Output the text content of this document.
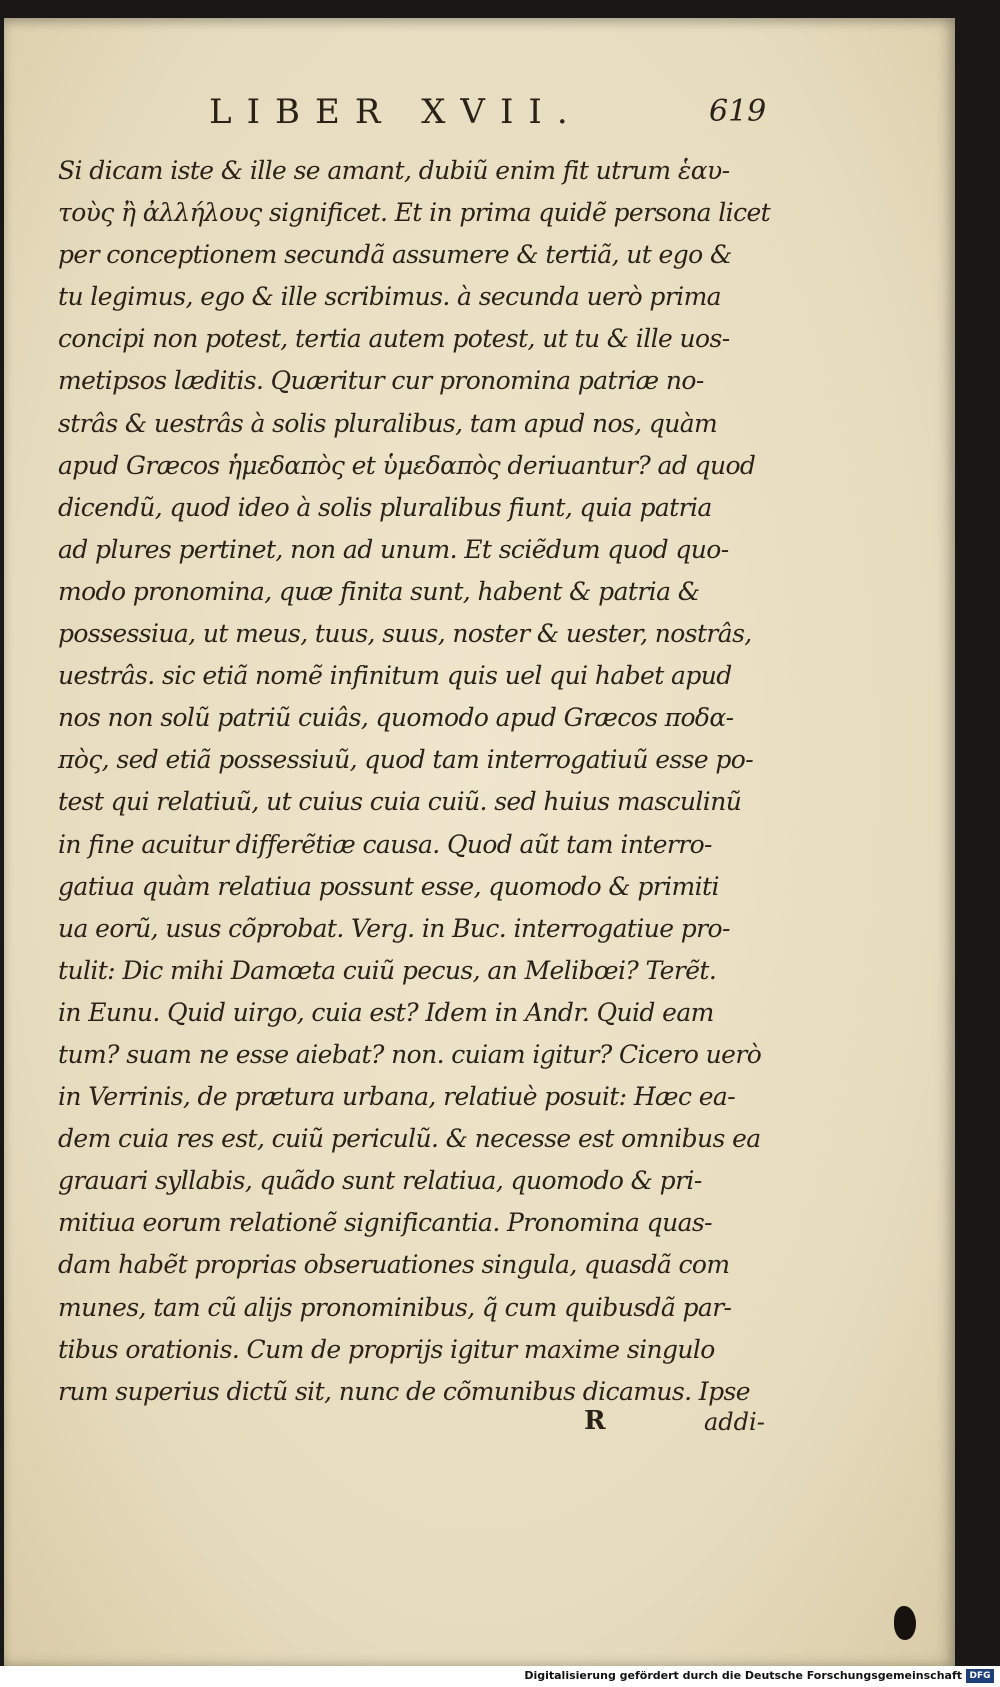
LIBER XVII.	619
Si dicam iste & ille se amant, dubiũ enim fit utrum ἑαυ-
τοὺς ἢ ἀλλήλους significet. Et in prima quidẽ persona licet
per conceptionem secundã assumere & tertiã, ut ego &
tu legimus, ego & ille scribimus. à secunda uerò prima
concipi non potest, tertia autem potest, ut tu & ille uos-
metipsos læditis. Quæritur cur pronomina patriæ no-
strâs & uestrâs à solis pluralibus, tam apud nos, quàm
apud Græcos ἡμεδαπὸς et ὑμεδαπὸς deriuantur? ad quod
dicendũ, quod ideo à solis pluralibus fiunt, quia patria
ad plures pertinet, non ad unum. Et sciẽdum quod quo-
modo pronomina, quæ finita sunt, habent & patria &
possessiua, ut meus, tuus, suus, noster & uester, nostrâs,
uestrâs. sic etiã nomẽ infinitum quis uel qui habet apud
nos non solũ patriũ cuiâs, quomodo apud Græcos ποδα-
πὸς, sed etiã possessiuũ, quod tam interrogatiuũ esse po-
test qui relatiuũ, ut cuius cuia cuiũ. sed huius masculinũ
in fine acuitur differẽtiæ causa. Quod aũt tam interro-
gatiua quàm relatiua possunt esse, quomodo & primiti
ua eorũ, usus cõprobat. Verg. in Buc. interrogatiue pro-
tulit: Dic mihi Damœta cuiũ pecus, an Melibœi? Terẽt.
in Eunu. Quid uirgo, cuia est? Idem in Andr. Quid eam
tum? suam ne esse aiebat? non. cuiam igitur? Cicero uerò
in Verrinis, de prætura urbana, relatiuè posuit: Hæc ea-
dem cuia res est, cuiũ periculũ. & necesse est omnibus ea
grauari syllabis, quãdo sunt relatiua, quomodo & pri-
mitiua eorum relationẽ significantia. Pronomina quas-
dam habẽt proprias obseruationes singula, quasdã com
munes, tam cũ alijs pronominibus, q̃ cum quibusdã par-
tibus orationis. Cum de proprijs igitur maxime singulo
rum superius dictũ sit, nunc de cõmunibus dicamus. Ipse
R	addi-
Digitalisierung gefördert durch die Deutsche Forschungsgemeinschaft DFG
